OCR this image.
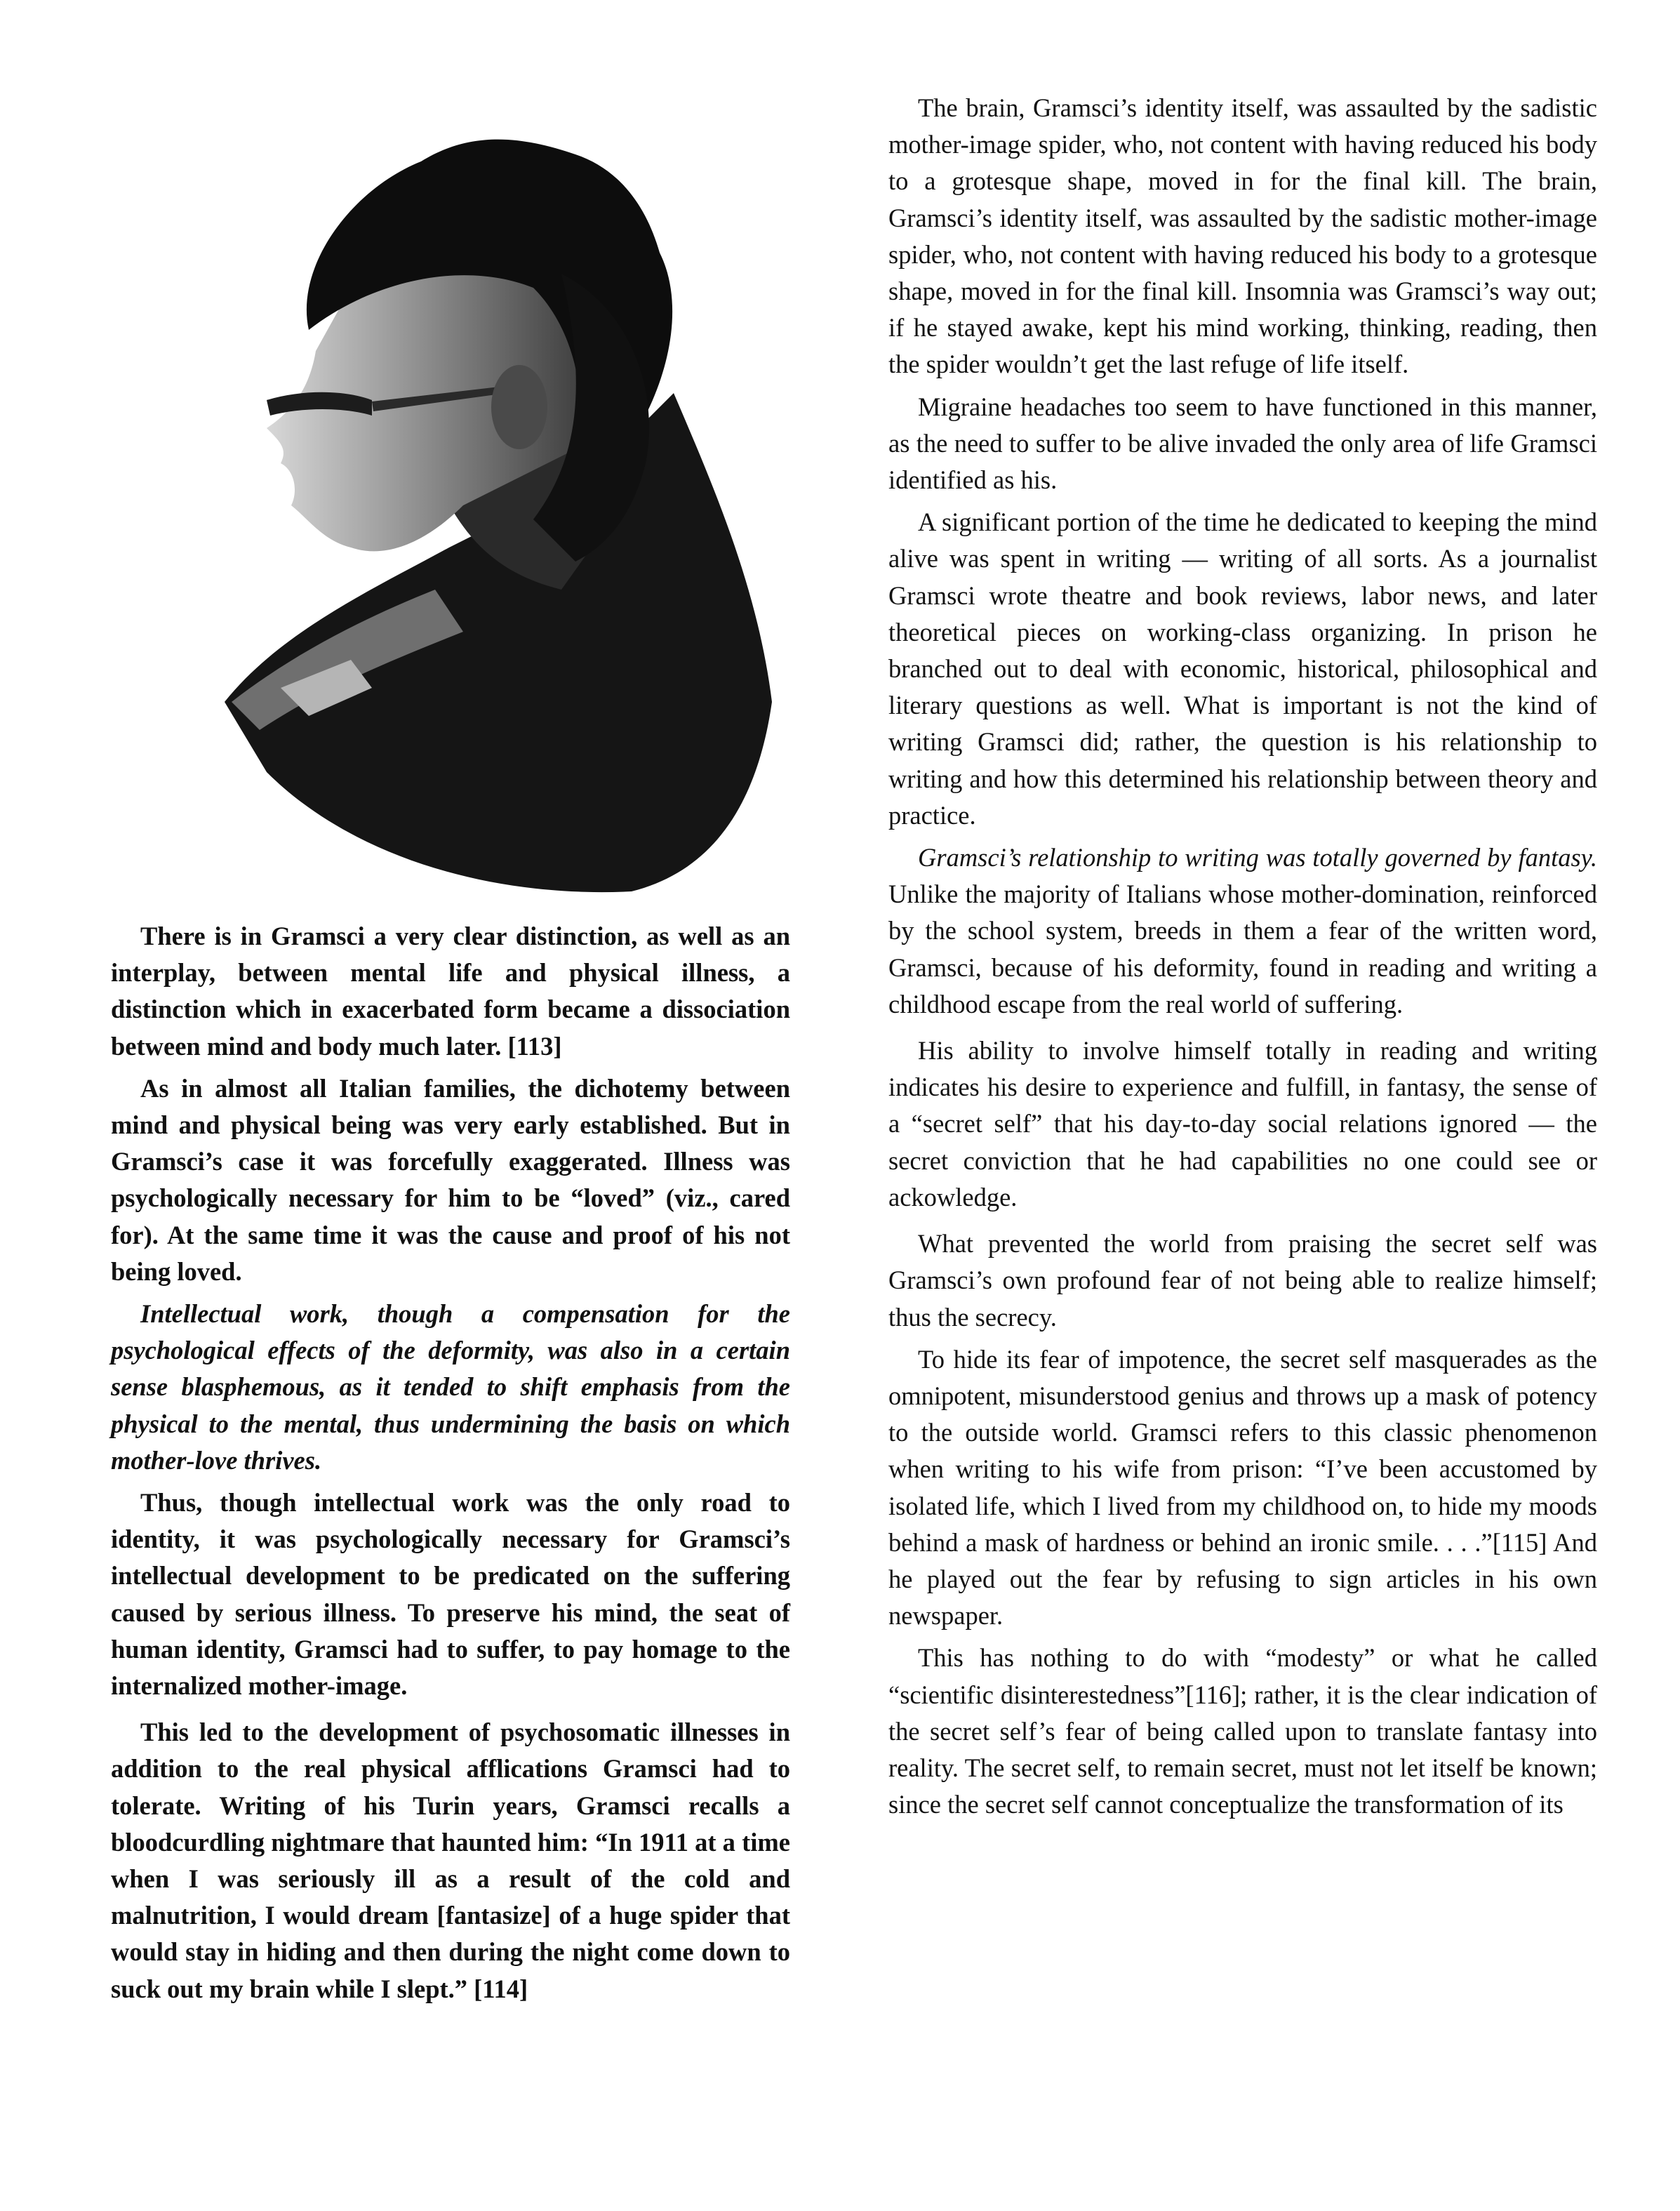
There is in Gramsci a very clear distinction, as well as an interplay, between mental life and physical illness, a distinction which in exacerbated form became a dissociation between mind and body much later. [113]

As in almost all Italian families, the dichotemy between mind and physical being was very early established. But in Gramsci’s case it was forcefully exaggerated. Illness was psychologically necessary for him to be “loved” (viz., cared for). At the same time it was the cause and proof of his not being loved.

Intellectual work, though a compensation for the psychological effects of the deformity, was also in a certain sense blasphemous, as it tended to shift emphasis from the physical to the mental, thus undermining the basis on which mother-love thrives.

Thus, though intellectual work was the only road to identity, it was psychologically necessary for Gramsci’s intellectual development to be predicated on the suffering caused by serious illness. To preserve his mind, the seat of human identity, Gramsci had to suffer, to pay homage to the internalized mother-image.

This led to the development of psychosomatic illnesses in addition to the real physical afflications Gramsci had to tolerate. Writing of his Turin years, Gramsci recalls a bloodcurdling nightmare that haunted him: “In 1911 at a time when I was seriously ill as a result of the cold and malnutrition, I would dream [fantasize] of a huge spider that would stay in hiding and then during the night come down to suck out my brain while I slept.” [114]

The brain, Gramsci’s identity itself, was assaulted by the sadistic mother-image spider, who, not content with having reduced his body to a grotesque shape, moved in for the final kill. The brain, Gramsci’s identity itself, was assaulted by the sadistic mother-image spider, who, not content with having reduced his body to a grotesque shape, moved in for the final kill. Insomnia was Gramsci’s way out; if he stayed awake, kept his mind working, thinking, reading, then the spider wouldn’t get the last refuge of life itself.

Migraine headaches too seem to have functioned in this manner, as the need to suffer to be alive invaded the only area of life Gramsci identified as his.

A significant portion of the time he dedicated to keeping the mind alive was spent in writing — writing of all sorts. As a journalist Gramsci wrote theatre and book reviews, labor news, and later theoretical pieces on working-class organizing. In prison he branched out to deal with economic, historical, philosophical and literary questions as well. What is important is not the kind of writing Gramsci did; rather, the question is his relationship to writing and how this determined his relationship between theory and practice.

Gramsci’s relationship to writing was totally governed by fantasy. Unlike the majority of Italians whose mother-domination, reinforced by the school system, breeds in them a fear of the written word, Gramsci, because of his deformity, found in reading and writing a childhood escape from the real world of suffering.

His ability to involve himself totally in reading and writing indicates his desire to experience and fulfill, in fantasy, the sense of a “secret self” that his day-to-day social relations ignored — the secret conviction that he had capabilities no one could see or ackowledge.

What prevented the world from praising the secret self was Gramsci’s own profound fear of not being able to realize himself; thus the secrecy.

To hide its fear of impotence, the secret self masquerades as the omnipotent, misunderstood genius and throws up a mask of potency to the outside world. Gramsci refers to this classic phenomenon when writing to his wife from prison: “I’ve been accustomed by isolated life, which I lived from my childhood on, to hide my moods behind a mask of hardness or behind an ironic smile. . . .”[115] And he played out the fear by refusing to sign articles in his own newspaper.

This has nothing to do with “modesty” or what he called “scientific disinterestedness”[116]; rather, it is the clear indication of the secret self’s fear of being called upon to translate fantasy into reality. The secret self, to remain secret, must not let itself be known; since the secret self cannot conceptualize the transformation of its
